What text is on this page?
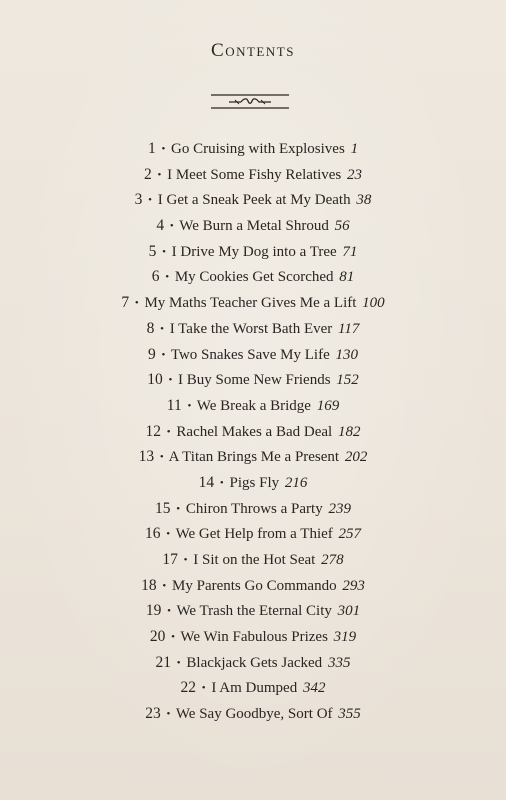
Contents
1 • Go Cruising with Explosives 1
2 • I Meet Some Fishy Relatives 23
3 • I Get a Sneak Peek at My Death 38
4 • We Burn a Metal Shroud 56
5 • I Drive My Dog into a Tree 71
6 • My Cookies Get Scorched 81
7 • My Maths Teacher Gives Me a Lift 100
8 • I Take the Worst Bath Ever 117
9 • Two Snakes Save My Life 130
10 • I Buy Some New Friends 152
11 • We Break a Bridge 169
12 • Rachel Makes a Bad Deal 182
13 • A Titan Brings Me a Present 202
14 • Pigs Fly 216
15 • Chiron Throws a Party 239
16 • We Get Help from a Thief 257
17 • I Sit on the Hot Seat 278
18 • My Parents Go Commando 293
19 • We Trash the Eternal City 301
20 • We Win Fabulous Prizes 319
21 • Blackjack Gets Jacked 335
22 • I Am Dumped 342
23 • We Say Goodbye, Sort Of 355
